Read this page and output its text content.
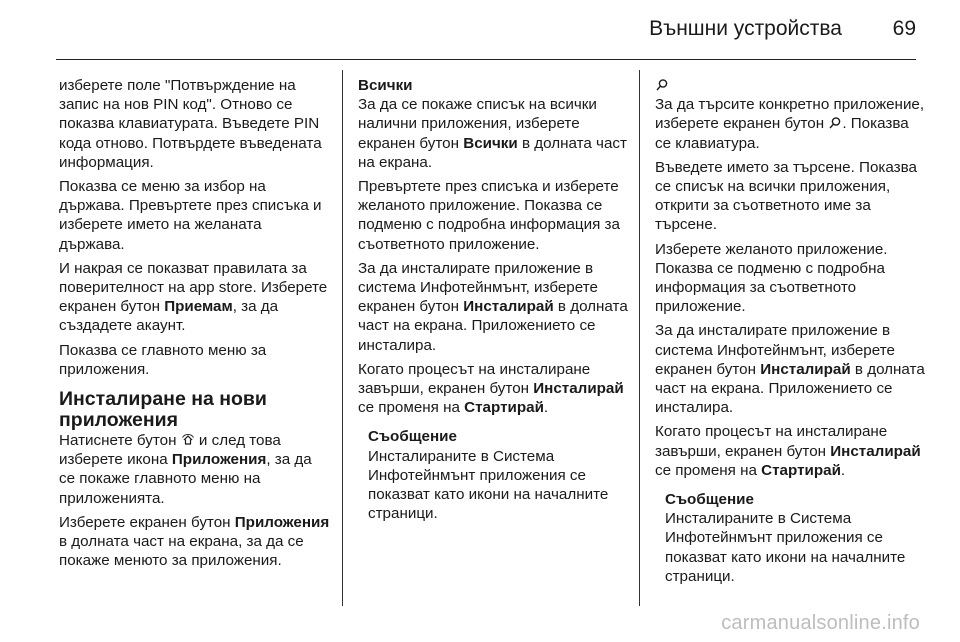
Външни устройства 69

изберете поле "Потвърждение на запис на нов PIN код". Отново се показва клавиатурата. Въведете PIN кода отново. Потвърдете въведената информация.

Показва се меню за избор на държава. Превъртете през списъка и изберете името на желаната държава.

И накрая се показват правилата за поверителност на app store. Изберете екранен бутон Приемам, за да създадете акаунт.

Показва се главното меню за приложения.

Инсталиране на нови приложения

Натиснете бутон  и след това изберете икона Приложения, за да се покаже главното меню на приложенията.

Изберете екранен бутон Приложения в долната част на екрана, за да се покаже менюто за приложения.

Всички

За да се покаже списък на всички налични приложения, изберете екранен бутон Всички в долната част на екрана.

Превъртете през списъка и изберете желаното приложение. Показва се подменю с подробна информация за съответното приложение.

За да инсталирате приложение в система Инфотейнмънт, изберете екранен бутон Инсталирай в долната част на екрана. Приложението се инсталира.

Когато процесът на инсталиране завърши, екранен бутон Инсталирай се променя на Стартирай.

Съобщение
Инсталираните в Система Инфотейнмънт приложения се показват като икони на началните страници.

За да търсите конкретно приложение, изберете екранен бутон . Показва се клавиатура.

Въведете името за търсене. Показва се списък на всички приложения, открити за съответното име за търсене.

Изберете желаното приложение. Показва се подменю с подробна информация за съответното приложение.

За да инсталирате приложение в система Инфотейнмънт, изберете екранен бутон Инсталирай в долната част на екрана. Приложението се инсталира.

Когато процесът на инсталиране завърши, екранен бутон Инсталирай се променя на Стартирай.

Съобщение
Инсталираните в Система Инфотейнмънт приложения се показват като икони на началните страници.
carmanualsonline.info
